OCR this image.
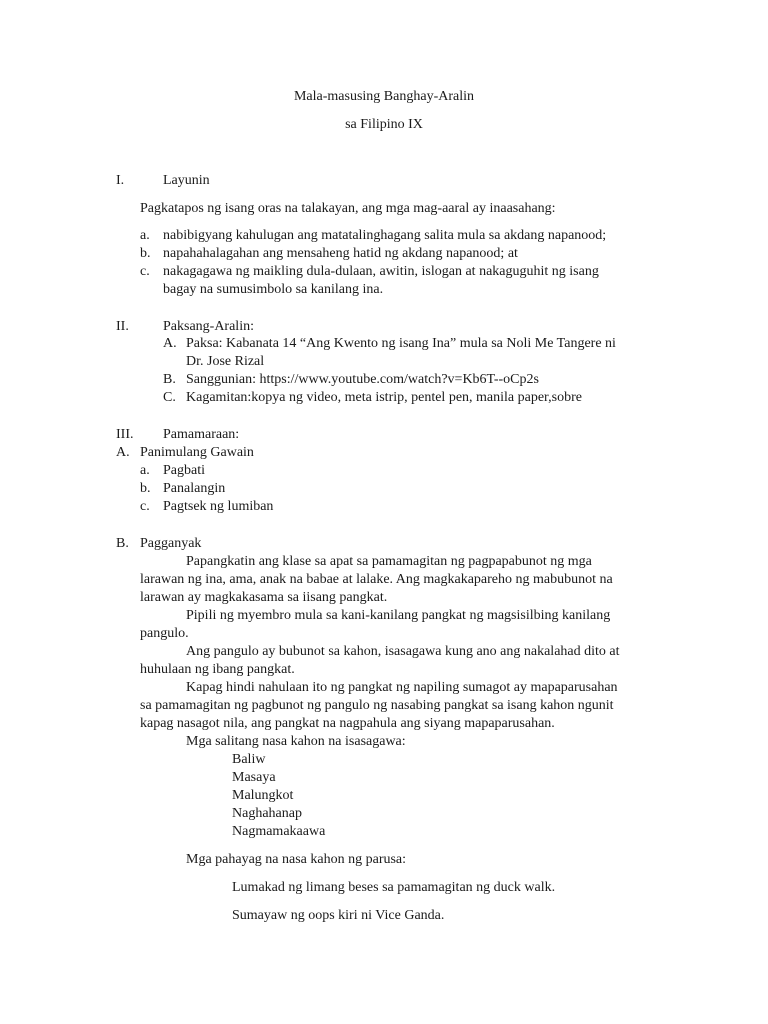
Mala-masusing Banghay-Aralin
sa Filipino IX
I.	Layunin
Pagkatapos ng isang oras na talakayan, ang mga mag-aaral ay inaasahang:
a. nabibigyang kahulugan ang matatalinghagang salita mula sa akdang napanood;
b. napahahalagahan ang mensaheng hatid ng akdang napanood; at
c. nakagagawa ng maikling dula-dulaan, awitin, islogan at nakaguguhit ng isang
bagay na sumusimbolo sa kanilang ina.
II. Paksang-Aralin:
A. Paksa: Kabanata 14 “Ang Kwento ng isang Ina” mula sa Noli Me Tangere ni
Dr. Jose Rizal
B. Sanggunian: https://www.youtube.com/watch?v=Kb6T--oCp2s
C. Kagamitan:kopya ng video, meta istrip, pentel pen, manila paper,sobre
III. Pamamaraan:
A. Panimulang Gawain
a. Pagbati
b. Panalangin
c. Pagtsek ng lumiban
B. Pagganyak
Papangkatin ang klase sa apat sa pamamagitan ng pagpapabunot ng mga
larawan ng ina, ama, anak na babae at lalake. Ang magkakapareho ng mabubunot na
larawan ay magkakasama sa iisang pangkat.
Pipili ng myembro mula sa kani-kanilang pangkat ng magsisilbing kanilang
pangulo.
Ang pangulo ay bubunot sa kahon, isasagawa kung ano ang nakalahad dito at
huhulaan ng ibang pangkat.
Kapag hindi nahulaan ito ng pangkat ng napiling sumagot ay mapaparusahan
sa pamamagitan ng pagbunot ng pangulo ng nasabing pangkat sa isang kahon ngunit
kapag nasagot nila, ang pangkat na nagpahula ang siyang mapaparusahan.
Mga salitang nasa kahon na isasagawa:
Baliw
Masaya
Malungkot
Naghahanap
Nagmamakaawa
Mga pahayag na nasa kahon ng parusa:
Lumakad ng limang beses sa pamamagitan ng duck walk.
Sumayaw ng oops kiri ni Vice Ganda.
